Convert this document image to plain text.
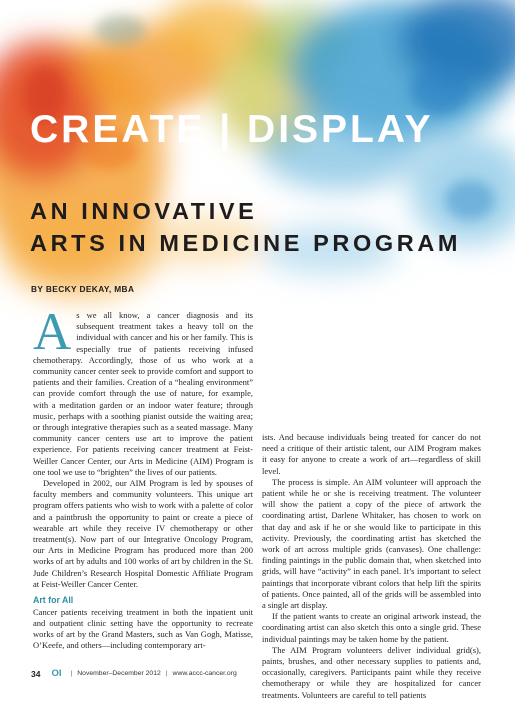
CREATE | DISPLAY
AN INNOVATIVE
ARTS IN MEDICINE PROGRAM
BY BECKY DEKAY, MBA

As we all know, a cancer diagnosis and its subsequent treatment takes a heavy toll on the individual with cancer and his or her family. This is especially true of patients receiving infused chemotherapy. Accordingly, those of us who work at a community cancer center seek to provide comfort and support to patients and their families. Creation of a “healing environment” can provide comfort through the use of nature, for example, with a meditation garden or an indoor water feature; through music, perhaps with a soothing pianist outside the waiting area; or through integrative therapies such as a seated massage. Many community cancer centers use art to improve the patient experience. For patients receiving cancer treatment at Feist-Weiller Cancer Center, our Arts in Medicine (AIM) Program is one tool we use to “brighten” the lives of our patients.

Developed in 2002, our AIM Program is led by spouses of faculty members and community volunteers. This unique art program offers patients who wish to work with a palette of color and a paintbrush the opportunity to paint or create a piece of wearable art while they receive IV chemotherapy or other treatment(s). Now part of our Integrative Oncology Program, our Arts in Medicine Program has produced more than 200 works of art by adults and 100 works of art by children in the St. Jude Children’s Research Hospital Domestic Affiliate Program at Feist-Weiller Cancer Center.

Art for All

Cancer patients receiving treatment in both the inpatient unit and outpatient clinic setting have the opportunity to recreate works of art by the Grand Masters, such as Van Gogh, Matisse, O’Keefe, and others—including contemporary art-

ists. And because individuals being treated for cancer do not need a critique of their artistic talent, our AIM Program makes it easy for anyone to create a work of art—regardless of skill level.

The process is simple. An AIM volunteer will approach the patient while he or she is receiving treatment. The volunteer will show the patient a copy of the piece of artwork the coordinating artist, Darlene Whitaker, has chosen to work on that day and ask if he or she would like to participate in this activity. Previously, the coordinating artist has sketched the work of art across multiple grids (canvases). One challenge: finding paintings in the public domain that, when sketched into grids, will have “activity” in each panel. It’s important to select paintings that incorporate vibrant colors that help lift the spirits of patients. Once painted, all of the grids will be assembled into a single art display.

If the patient wants to create an original artwork instead, the coordinating artist can also sketch this onto a single grid. These individual paintings may be taken home by the patient.

The AIM Program volunteers deliver individual grid(s), paints, brushes, and other necessary supplies to patients and, occasionally, caregivers. Participants paint while they receive chemotherapy or while they are hospitalized for cancer treatments. Volunteers are careful to tell patients

34 OI | November–December 2012 | www.accc-cancer.org
